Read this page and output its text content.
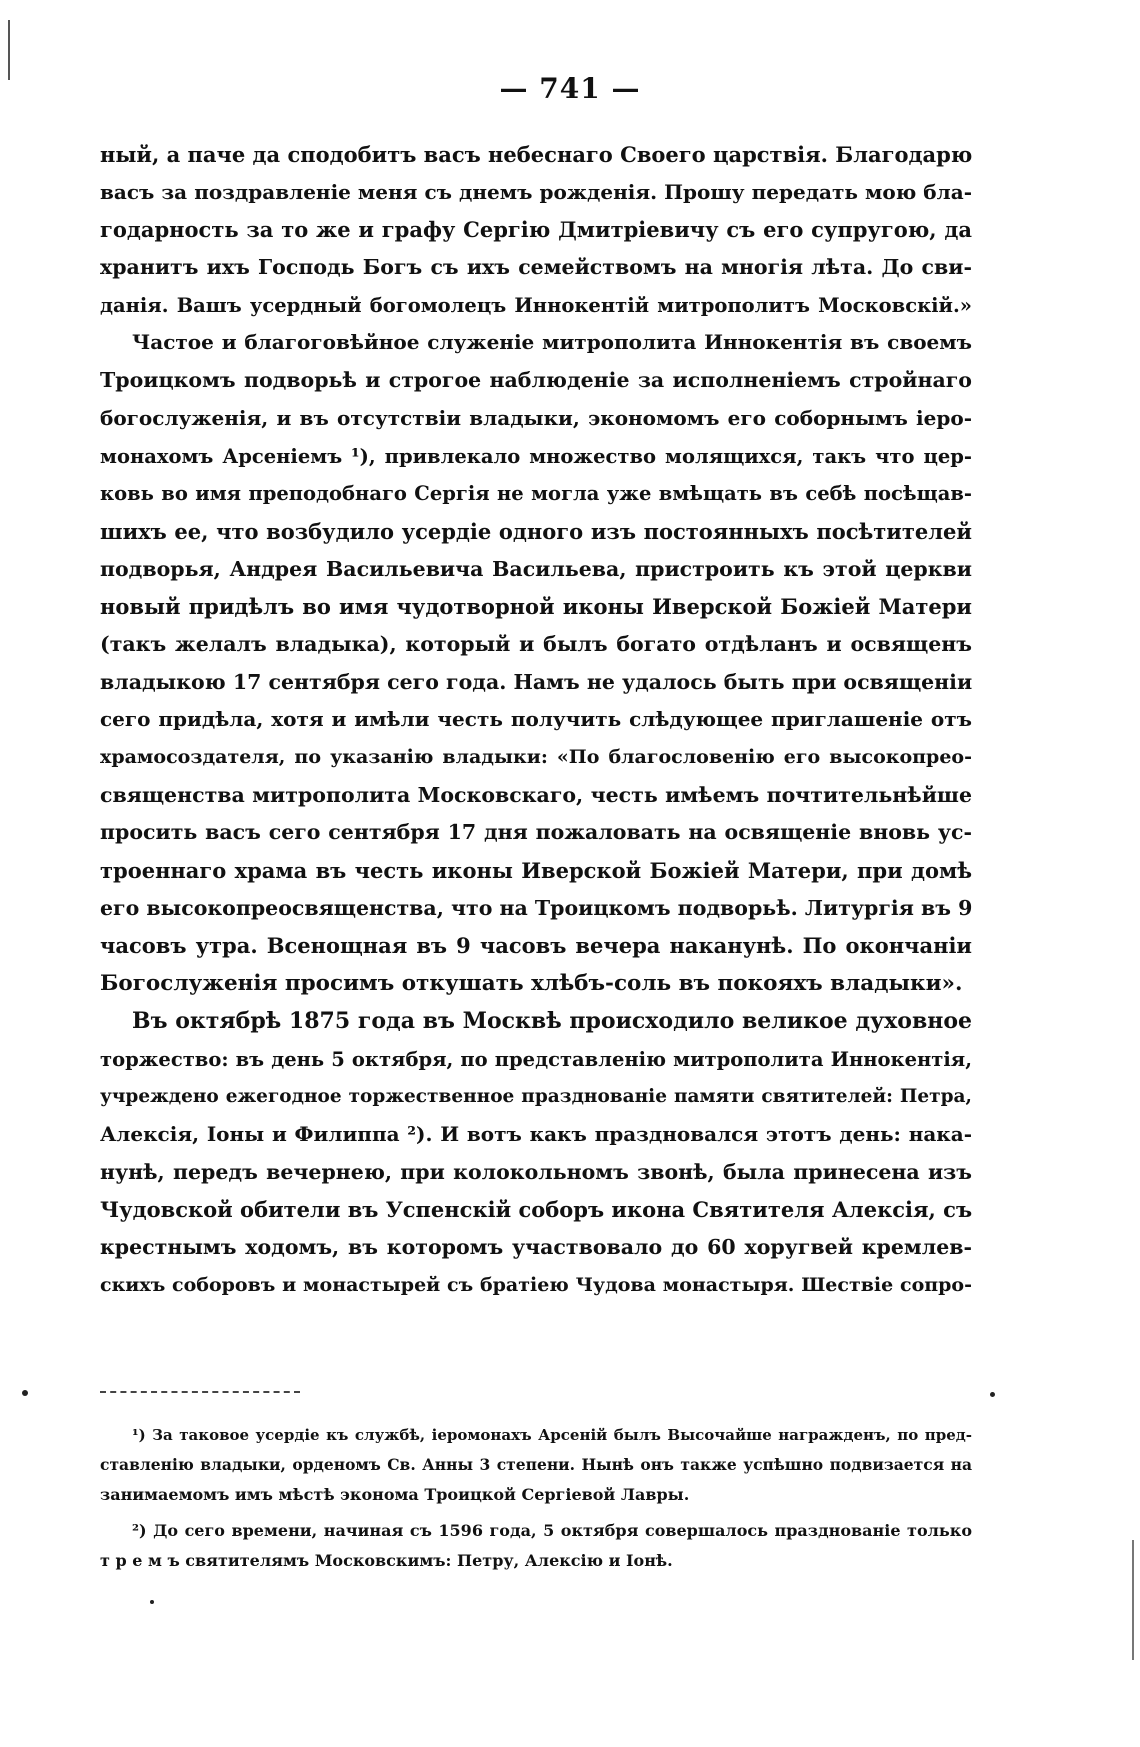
— 741 —
ный, а паче да сподобитъ васъ небеснаго Своего царствія. Благодарю
васъ за поздравленіе меня съ днемъ рожденія. Прошу передать мою бла-
годарность за то же и графу Сергію Дмитріевичу съ его супругою, да
хранитъ ихъ Господь Богъ съ ихъ семействомъ на многія лѣта. До сви-
данія. Вашъ усердный богомолецъ Иннокентій митрополитъ Московскій.»
Частое и благоговѣйное служеніе митрополита Иннокентія въ своемъ
Троицкомъ подворьѣ и строгое наблюденіе за исполненіемъ стройнаго
богослуженія, и въ отсутствіи владыки, экономомъ его соборнымъ іеро-
монахомъ Арсеніемъ ¹), привлекало множество молящихся, такъ что цер-
ковь во имя преподобнаго Сергія не могла уже вмѣщать въ себѣ посѣщав-
шихъ ее, что возбудило усердіе одного изъ постоянныхъ посѣтителей
подворья, Андрея Васильевича Васильева, пристроить къ этой церкви
новый придѣлъ во имя чудотворной иконы Иверской Божіей Матери
(такъ желалъ владыка), который и былъ богато отдѣланъ и освященъ
владыкою 17 сентября сего года. Намъ не удалось быть при освященіи
сего придѣла, хотя и имѣли честь получить слѣдующее приглашеніе отъ
храмосоздателя, по указанію владыки: «По благословенію его высокопрео-
священства митрополита Московскаго, честь имѣемъ почтительнѣйше
просить васъ сего сентября 17 дня пожаловать на освященіе вновь ус-
троеннаго храма въ честь иконы Иверской Божіей Матери, при домѣ
его высокопреосвященства, что на Троицкомъ подворьѣ. Литургія въ 9
часовъ утра. Всенощная въ 9 часовъ вечера наканунѣ. По окончаніи
Богослуженія просимъ откушать хлѣбъ-соль въ покояхъ владыки».
Въ октябрѣ 1875 года въ Москвѣ происходило великое духовное
торжество: въ день 5 октября, по представленію митрополита Иннокентія,
учреждено ежегодное торжественное празднованіе памяти святителей: Петра,
Алексія, Іоны и Филиппа ²). И вотъ какъ праздновался этотъ день: нака-
нунѣ, передъ вечернею, при колокольномъ звонѣ, была принесена изъ
Чудовской обители въ Успенскій соборъ икона Святителя Алексія, съ
крестнымъ ходомъ, въ которомъ участвовало до 60 хоругвей кремлев-
скихъ соборовъ и монастырей съ братіею Чудова монастыря. Шествіе сопро-
¹) За таковое усердіе къ службѣ, іеромонахъ Арсеній былъ Высочайше награжденъ, по пред-
ставленію владыки, орденомъ Св. Анны 3 степени. Нынѣ онъ также успѣшно подвизается на
занимаемомъ имъ мѣстѣ эконома Троицкой Сергіевой Лавры.
²) До сего времени, начиная съ 1596 года, 5 октября совершалось празднованіе только
т р е м ъ святителямъ Московскимъ: Петру, Алексію и Іонѣ.
